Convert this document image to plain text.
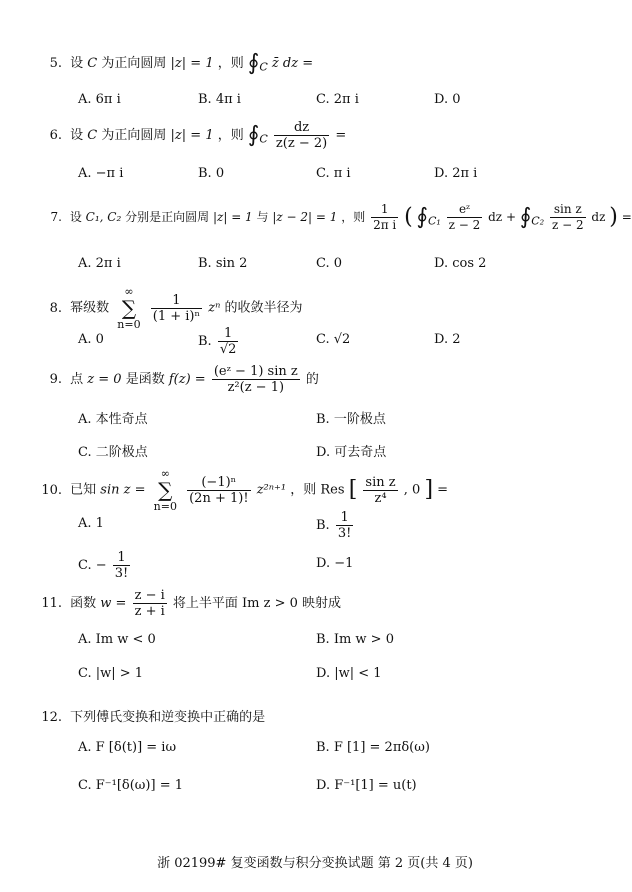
5. 设 C 为正向圆周 |z| = 1 ，则 $∮_C$ z̄ dz =
A. 6π i	B. 4π i	C. 2π i	D. 0
6. 设 C 为正向圆周 |z| = 1 ，则 $∮_C \frac{dz}{z(z - 2)}$ =
A. −π i	B. 0	C. π i	D. 2π i
7. 设 C₁, C₂ 分别是正向圆周 |z| = 1 与 |z − 2| = 1 ，则 $\frac{1}{\text{2π i}}$ ( $∮_{C_1} \frac{\text{eᶻ}}{z - 2}$ dz + $∮_{C_2} \frac{\text{sin z}}{z - 2}$ dz ) =
A. 2π i	B. sin 2	C. 0	D. cos 2
8. 幂级数
∞
∑
n=0

$\frac{1}{\text{(1 + i)ⁿ}}$ zⁿ 的收敛半径为
A. 0	B. $\frac{1}{√2}$	C. √2	D. 2
9. 点 z = 0 是函数 $f(z) = \frac{\text{(eᶻ − 1) sin z}}{\text{z²(z − 1)}}$ 的
A. 本性奇点	B. 一阶极点
C. 二阶极点	D. 可去奇点
10. 已知 sin z =
∞
∑
n=0

$\frac{\text{(−1)ⁿ}}{(2n + 1)!} z^{2n+1}$ ，则 Res [ $\frac{\text{sin z}}{\text{z⁴}}$ , 0 ] =
A. 1	B. $\frac{1}{3!}$
C. − $\frac{1}{3!}$	D. −1
11. 函数 $w = \frac{z - i}{z + i}$ 将上半平面 Im z > 0 映射成
A. Im w < 0	B. Im w > 0
C. |w| > 1	D. |w| < 1
12. 下列傅氏变换和逆变换中正确的是
A. F [δ(t)] = iω	B. F [1] = 2πδ(ω)
C. F⁻¹[δ(ω)] = 1	D. F⁻¹[1] = u(t)
浙 02199# 复变函数与积分变换试题 第 2 页(共 4 页)
